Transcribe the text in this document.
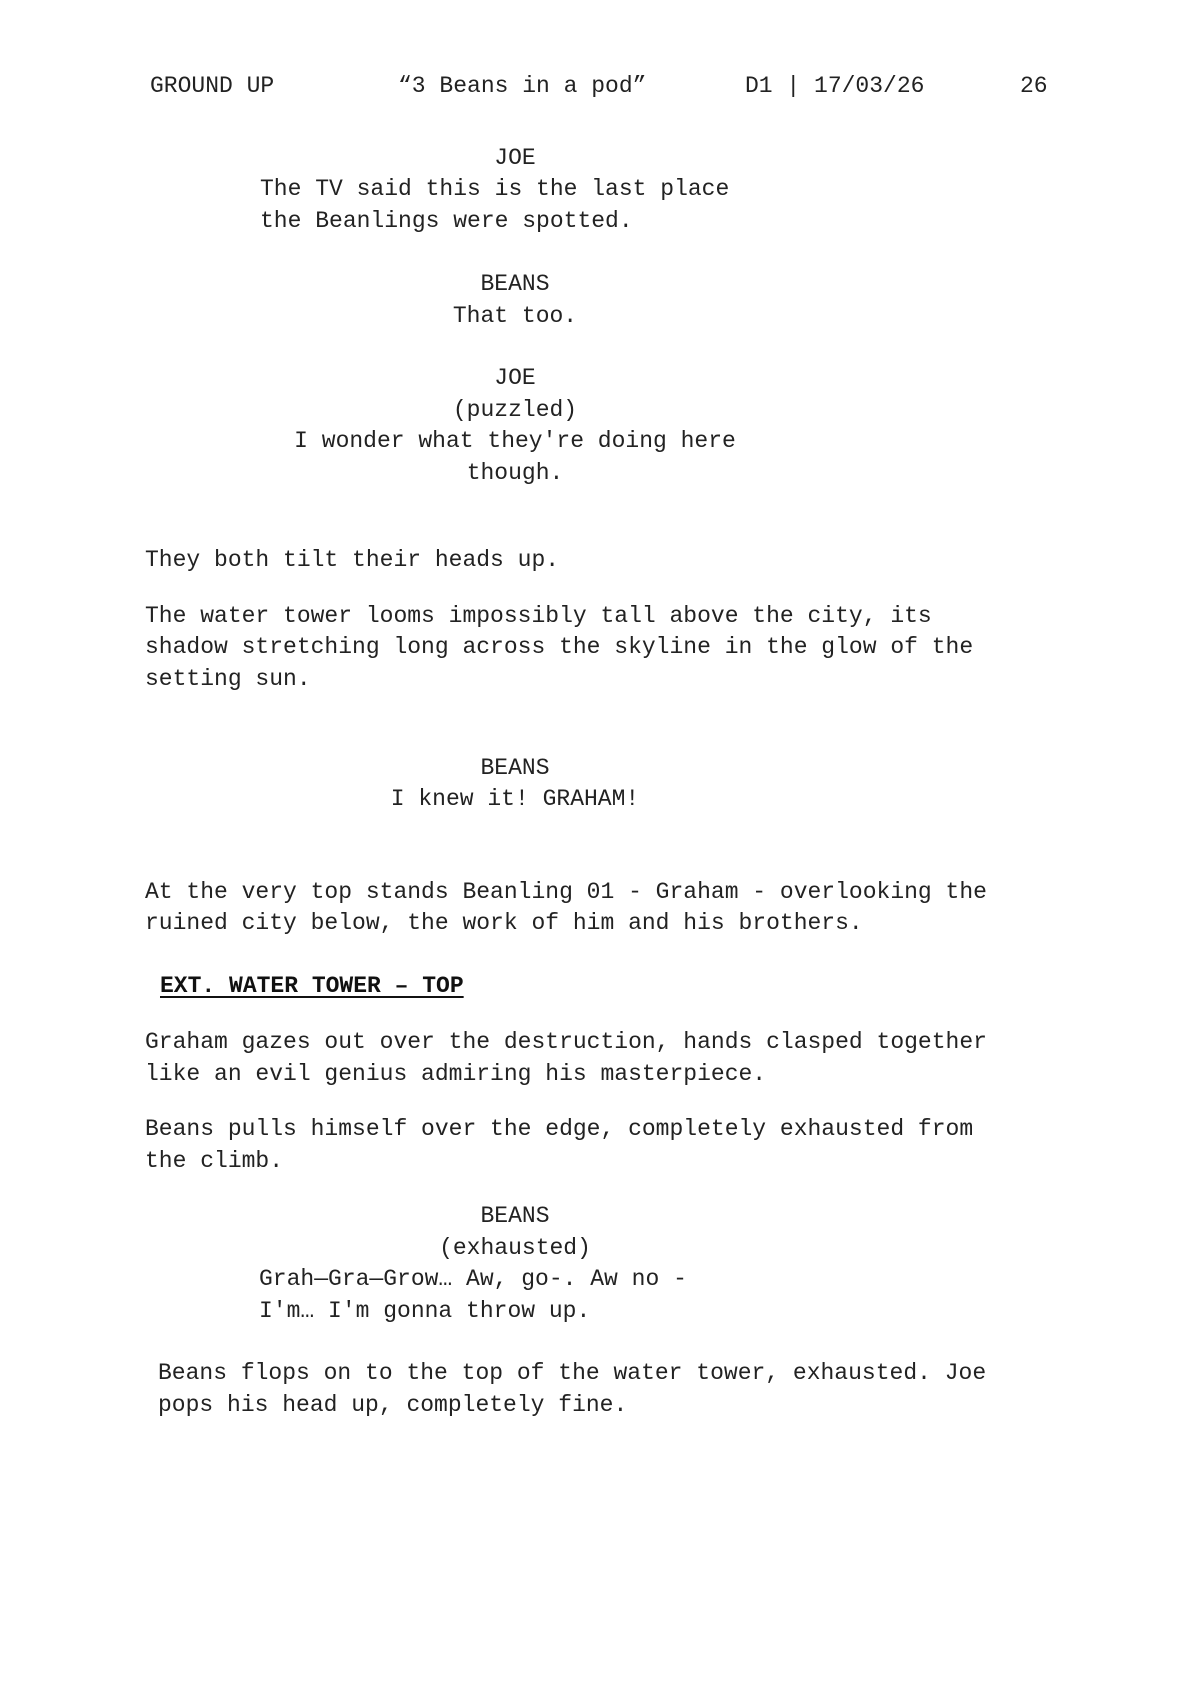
GROUND UP	“3 Beans in a pod”	D1 | 17/03/26	26
JOE
The TV said this is the last place
the Beanlings were spotted.
BEANS
That too.
JOE
(puzzled)
I wonder what they're doing here
though.
They both tilt their heads up.
The water tower looms impossibly tall above the city, its
shadow stretching long across the skyline in the glow of the
setting sun.
BEANS
I knew it! GRAHAM!
At the very top stands Beanling 01 - Graham - overlooking the
ruined city below, the work of him and his brothers.
EXT. WATER TOWER – TOP
Graham gazes out over the destruction, hands clasped together
like an evil genius admiring his masterpiece.
Beans pulls himself over the edge, completely exhausted from
the climb.
BEANS
(exhausted)
Grah—Gra—Grow… Aw, go-. Aw no -
I'm… I'm gonna throw up.
Beans flops on to the top of the water tower, exhausted. Joe
pops his head up, completely fine.
